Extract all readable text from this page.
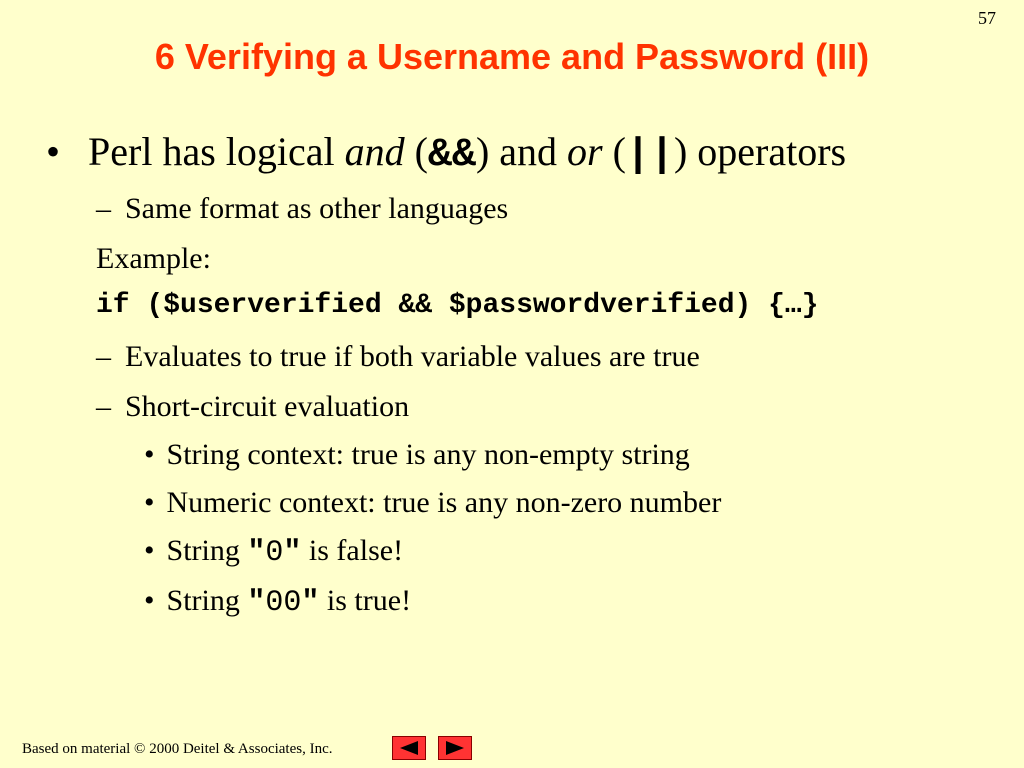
57
6 Verifying a Username and Password (III)
• Perl has logical and (&&) and or (||) operators
– Same format as other languages
Example:
if ($userverified && $passwordverified) {…}
– Evaluates to true if both variable values are true
– Short-circuit evaluation
• String context: true is any non-empty string
• Numeric context: true is any non-zero number
• String "0" is false!
• String "00" is true!
Based on material © 2000 Deitel & Associates, Inc.
